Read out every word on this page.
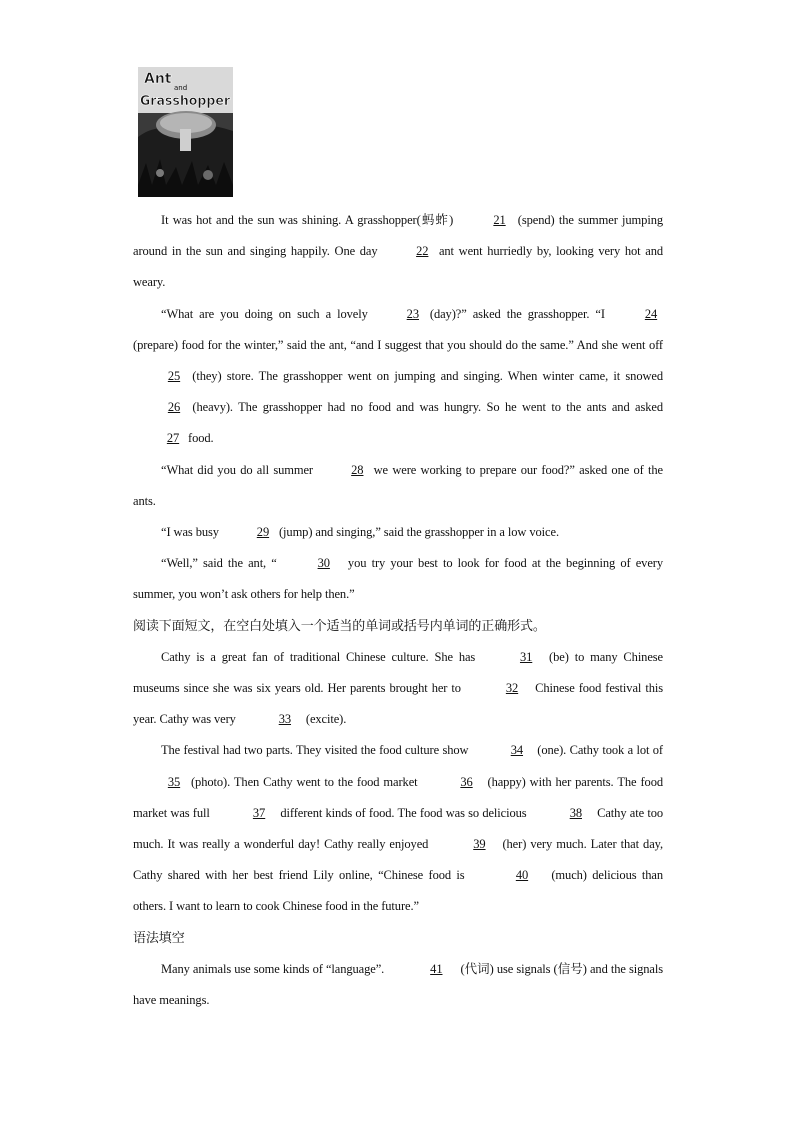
Ant
and
Grasshopper

It was hot and the sun was shining. A grasshopper(蚂蚱)	21 (spend) the summer jumping around in the sun and singing happily. One day	22 ant went hurriedly by, looking very hot and weary.

“What are you doing on such a lovely	23 (day)?” asked the grasshopper. “I	24 (prepare) food for the winter,” said the ant, “and I suggest that you should do the same.” And she went off 25 (they) store. The grasshopper went on jumping and singing. When winter came, it snowed 26 (heavy). The grasshopper had no food and was hungry. So he went to the ants and asked 27 food.

“What did you do all summer	28 we were working to prepare our food?” asked one of the ants.

“I was busy	29 (jump) and singing,” said the grasshopper in a low voice.

“Well,” said the ant, “	30 you try your best to look for food at the beginning of every summer, you won’t ask others for help then.”

阅读下面短文，在空白处填入一个适当的单词或括号内单词的正确形式。

Cathy is a great fan of traditional Chinese culture. She has	31 (be) to many Chinese museums since she was six years old. Her parents brought her to	32 Chinese food festival this year. Cathy was very	33 (excite).

The festival had two parts. They visited the food culture show	34 (one). Cathy took a lot of 35 (photo). Then Cathy went to the food market	36 (happy) with her parents. The food market was full	37 different kinds of food. The food was so delicious	38 Cathy ate too much. It was really a wonderful day! Cathy really enjoyed	39 (her) very much. Later that day, Cathy shared with her best friend Lily online, “Chinese food is	40 (much) delicious than others. I want to learn to cook Chinese food in the future.”

语法填空

Many animals use some kinds of “language”.	41 (代词) use signals (信号) and the signals have meanings.
